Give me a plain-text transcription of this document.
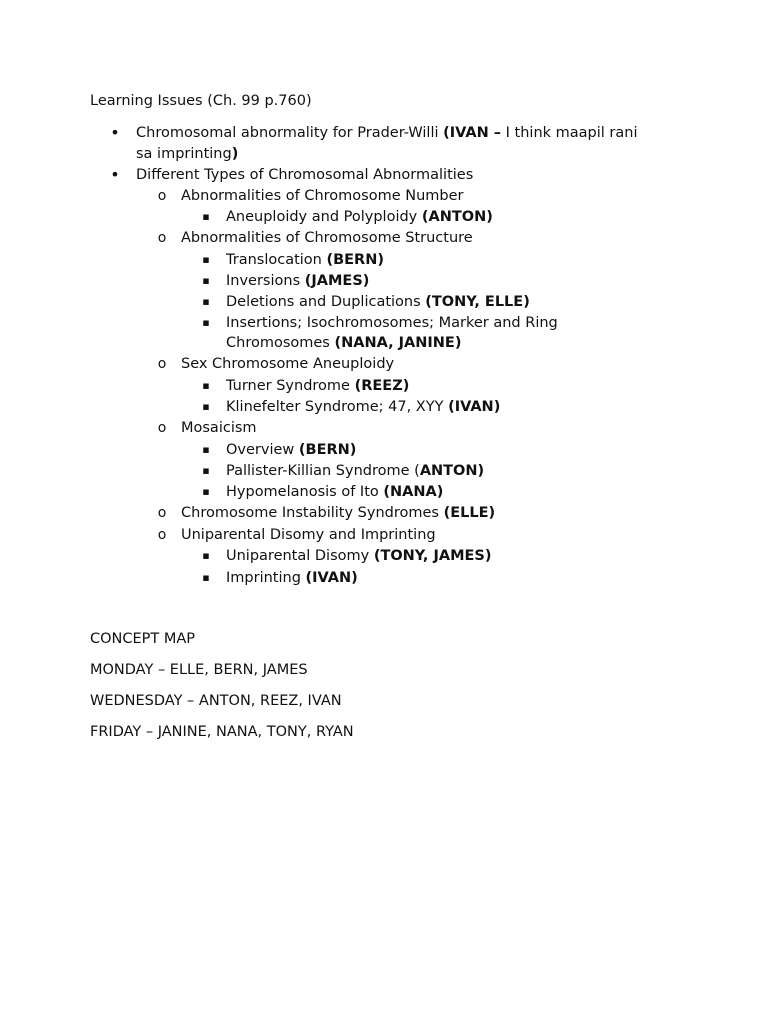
Learning Issues (Ch. 99 p.760)
• Chromosomal abnormality for Prader-Willi (IVAN – I think maapil rani
sa imprinting)
• Different Types of Chromosomal Abnormalities
o Abnormalities of Chromosome Number
▪ Aneuploidy and Polyploidy (ANTON)
o Abnormalities of Chromosome Structure
▪ Translocation (BERN)
▪ Inversions (JAMES)
▪ Deletions and Duplications (TONY, ELLE)
▪ Insertions; Isochromosomes; Marker and Ring
Chromosomes (NANA, JANINE)
o Sex Chromosome Aneuploidy
▪ Turner Syndrome (REEZ)
▪ Klinefelter Syndrome; 47, XYY (IVAN)
o Mosaicism
▪ Overview (BERN)
▪ Pallister-Killian Syndrome (ANTON)
▪ Hypomelanosis of Ito (NANA)
o Chromosome Instability Syndromes (ELLE)
o Uniparental Disomy and Imprinting
▪ Uniparental Disomy (TONY, JAMES)
▪ Imprinting (IVAN)
CONCEPT MAP
MONDAY – ELLE, BERN, JAMES
WEDNESDAY – ANTON, REEZ, IVAN
FRIDAY – JANINE, NANA, TONY, RYAN
